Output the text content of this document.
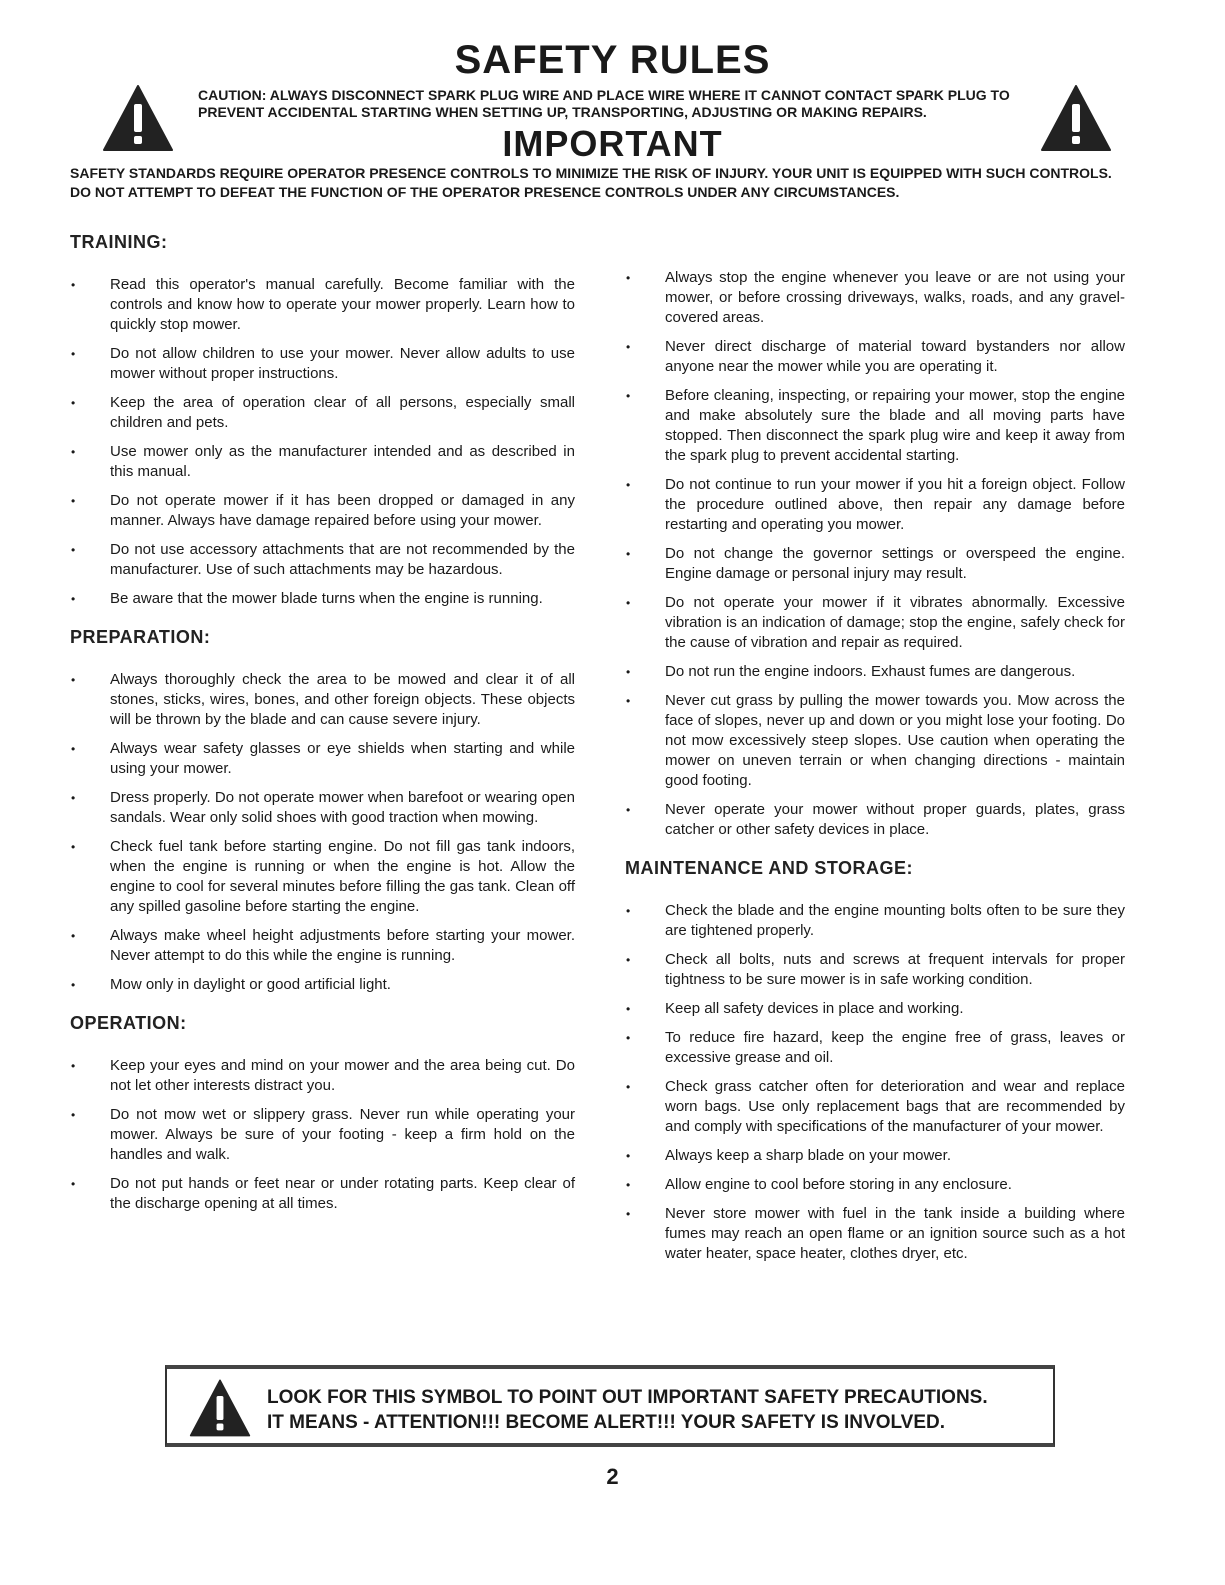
SAFETY RULES
CAUTION: ALWAYS DISCONNECT SPARK PLUG WIRE AND PLACE WIRE WHERE IT CANNOT CONTACT SPARK PLUG TO PREVENT ACCIDENTAL STARTING WHEN SETTING UP, TRANSPORTING, ADJUSTING OR MAKING REPAIRS.
IMPORTANT
SAFETY STANDARDS REQUIRE OPERATOR PRESENCE CONTROLS TO MINIMIZE THE RISK OF INJURY. YOUR UNIT IS EQUIPPED WITH SUCH CONTROLS. DO NOT ATTEMPT TO DEFEAT THE FUNCTION OF THE OPERATOR PRESENCE CONTROLS UNDER ANY CIRCUMSTANCES.
TRAINING:
• Read this operator's manual carefully. Become familiar with the controls and know how to operate your mower properly. Learn how to quickly stop mower.
• Do not allow children to use your mower. Never allow adults to use mower without proper instructions.
• Keep the area of operation clear of all persons, especially small children and pets.
• Use mower only as the manufacturer intended and as described in this manual.
• Do not operate mower if it has been dropped or damaged in any manner. Always have damage repaired before using your mower.
• Do not use accessory attachments that are not recommended by the manufacturer. Use of such attachments may be hazardous.
• Be aware that the mower blade turns when the engine is running.
PREPARATION:
• Always thoroughly check the area to be mowed and clear it of all stones, sticks, wires, bones, and other foreign objects. These objects will be thrown by the blade and can cause severe injury.
• Always wear safety glasses or eye shields when starting and while using your mower.
• Dress properly. Do not operate mower when barefoot or wearing open sandals. Wear only solid shoes with good traction when mowing.
• Check fuel tank before starting engine. Do not fill gas tank indoors, when the engine is running or when the engine is hot. Allow the engine to cool for several minutes before filling the gas tank. Clean off any spilled gasoline before starting the engine.
• Always make wheel height adjustments before starting your mower. Never attempt to do this while the engine is running.
• Mow only in daylight or good artificial light.
OPERATION:
• Keep your eyes and mind on your mower and the area being cut. Do not let other interests distract you.
• Do not mow wet or slippery grass. Never run while operating your mower. Always be sure of your footing - keep a firm hold on the handles and walk.
• Do not put hands or feet near or under rotating parts. Keep clear of the discharge opening at all times.
• Always stop the engine whenever you leave or are not using your mower, or before crossing driveways, walks, roads, and any gravel-covered areas.
• Never direct discharge of material toward bystanders nor allow anyone near the mower while you are operating it.
• Before cleaning, inspecting, or repairing your mower, stop the engine and make absolutely sure the blade and all moving parts have stopped. Then disconnect the spark plug wire and keep it away from the spark plug to prevent accidental starting.
• Do not continue to run your mower if you hit a foreign object. Follow the procedure outlined above, then repair any damage before restarting and operating you mower.
• Do not change the governor settings or overspeed the engine. Engine damage or personal injury may result.
• Do not operate your mower if it vibrates abnormally. Excessive vibration is an indication of damage; stop the engine, safely check for the cause of vibration and repair as required.
• Do not run the engine indoors. Exhaust fumes are dangerous.
• Never cut grass by pulling the mower towards you. Mow across the face of slopes, never up and down or you might lose your footing. Do not mow excessively steep slopes. Use caution when operating the mower on uneven terrain or when changing directions - maintain good footing.
• Never operate your mower without proper guards, plates, grass catcher or other safety devices in place.
MAINTENANCE AND STORAGE:
• Check the blade and the engine mounting bolts often to be sure they are tightened properly.
• Check all bolts, nuts and screws at frequent intervals for proper tightness to be sure mower is in safe working condition.
• Keep all safety devices in place and working.
• To reduce fire hazard, keep the engine free of grass, leaves or excessive grease and oil.
• Check grass catcher often for deterioration and wear and replace worn bags. Use only replacement bags that are recommended by and comply with specifications of the manufacturer of your mower.
• Always keep a sharp blade on your mower.
• Allow engine to cool before storing in any enclosure.
• Never store mower with fuel in the tank inside a building where fumes may reach an open flame or an ignition source such as a hot water heater, space heater, clothes dryer, etc.
LOOK FOR THIS SYMBOL TO POINT OUT IMPORTANT SAFETY PRECAUTIONS.
IT MEANS - ATTENTION!!! BECOME ALERT!!! YOUR SAFETY IS INVOLVED.
2
